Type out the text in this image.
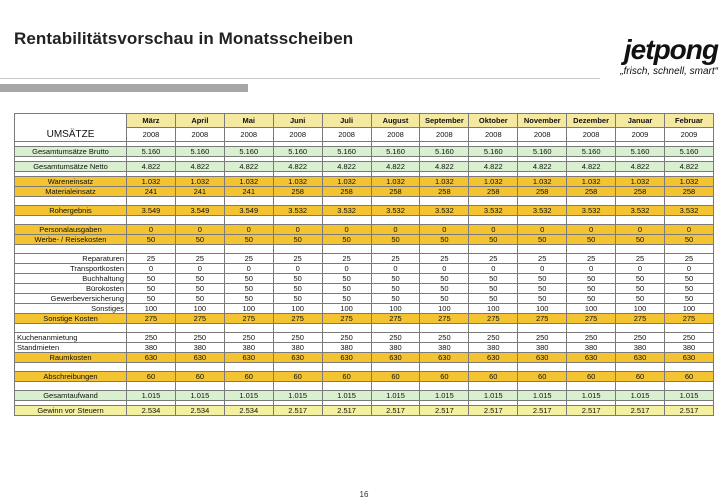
Rentabilitätsvorschau in Monatsscheiben	jetpong
„frisch, schnell, smart“
	März	April	Mai	Juni	Juli	August	September	Oktober	November	Dezember	Januar	Februar
UMSÄTZE	2008	2008	2008	2008	2008	2008	2008	2008	2008	2008	2009	2009

Gesamtumsätze Brutto	5.160	5.160	5.160	5.160	5.160	5.160	5.160	5.160	5.160	5.160	5.160	5.160

Gesamtumsätze Netto	4.822	4.822	4.822	4.822	4.822	4.822	4.822	4.822	4.822	4.822	4.822	4.822

Wareneinsatz	1.032	1.032	1.032	1.032	1.032	1.032	1.032	1.032	1.032	1.032	1.032	1.032
Materialeinsatz	241	241	241	258	258	258	258	258	258	258	258	258

Rohergebnis	3.549	3.549	3.549	3.532	3.532	3.532	3.532	3.532	3.532	3.532	3.532	3.532

Personalausgaben	0	0	0	0	0	0	0	0	0	0	0	0
Werbe- / Reisekosten	50	50	50	50	50	50	50	50	50	50	50	50

Reparaturen	25	25	25	25	25	25	25	25	25	25	25	25
Transportkosten	0	0	0	0	0	0	0	0	0	0	0	0
Buchhaltung	50	50	50	50	50	50	50	50	50	50	50	50
Bürokosten	50	50	50	50	50	50	50	50	50	50	50	50
Gewerbeversicherung	50	50	50	50	50	50	50	50	50	50	50	50
Sonstiges	100	100	100	100	100	100	100	100	100	100	100	100
Sonstige Kosten	275	275	275	275	275	275	275	275	275	275	275	275

Kuchenanmietung	250	250	250	250	250	250	250	250	250	250	250	250
Standmieten	380	380	380	380	380	380	380	380	380	380	380	380
Raumkosten	630	630	630	630	630	630	630	630	630	630	630	630

Abschreibungen	60	60	60	60	60	60	60	60	60	60	60	60

Gesamtaufwand	1.015	1.015	1.015	1.015	1.015	1.015	1.015	1.015	1.015	1.015	1.015	1.015

Gewinn vor Steuern	2.534	2.534	2.534	2.517	2.517	2.517	2.517	2.517	2.517	2.517	2.517	2.517
16
